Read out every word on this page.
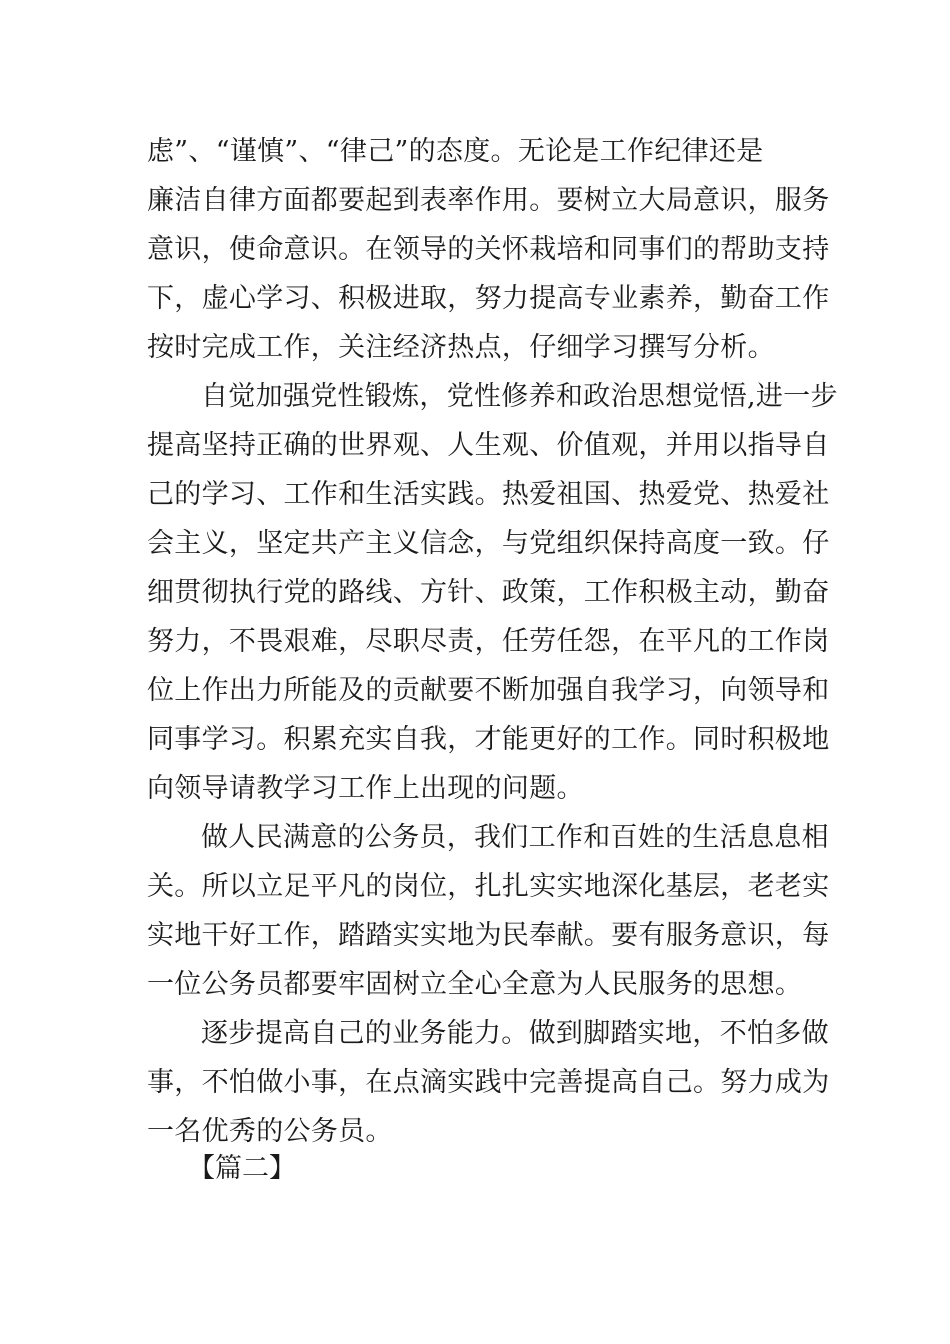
虑”、“谨慎”、“律己”的态度。无论是工作纪律还是
廉洁自律方面都要起到表率作用。要树立大局意识，服务
意识，使命意识。在领导的关怀栽培和同事们的帮助支持
下，虚心学习、积极进取，努力提高专业素养，勤奋工作
按时完成工作，关注经济热点，仔细学习撰写分析。
自觉加强党性锻炼，党性修养和政治思想觉悟,进一步
提高坚持正确的世界观、人生观、价值观，并用以指导自
己的学习、工作和生活实践。热爱祖国、热爱党、热爱社
会主义，坚定共产主义信念，与党组织保持高度一致。仔
细贯彻执行党的路线、方针、政策，工作积极主动，勤奋
努力，不畏艰难，尽职尽责，任劳任怨，在平凡的工作岗
位上作出力所能及的贡献要不断加强自我学习，向领导和
同事学习。积累充实自我，才能更好的工作。同时积极地
向领导请教学习工作上出现的问题。
做人民满意的公务员，我们工作和百姓的生活息息相
关。所以立足平凡的岗位，扎扎实实地深化基层，老老实
实地干好工作，踏踏实实地为民奉献。要有服务意识，每
一位公务员都要牢固树立全心全意为人民服务的思想。
逐步提高自己的业务能力。做到脚踏实地，不怕多做
事，不怕做小事，在点滴实践中完善提高自己。努力成为
一名优秀的公务员。
【篇二】
